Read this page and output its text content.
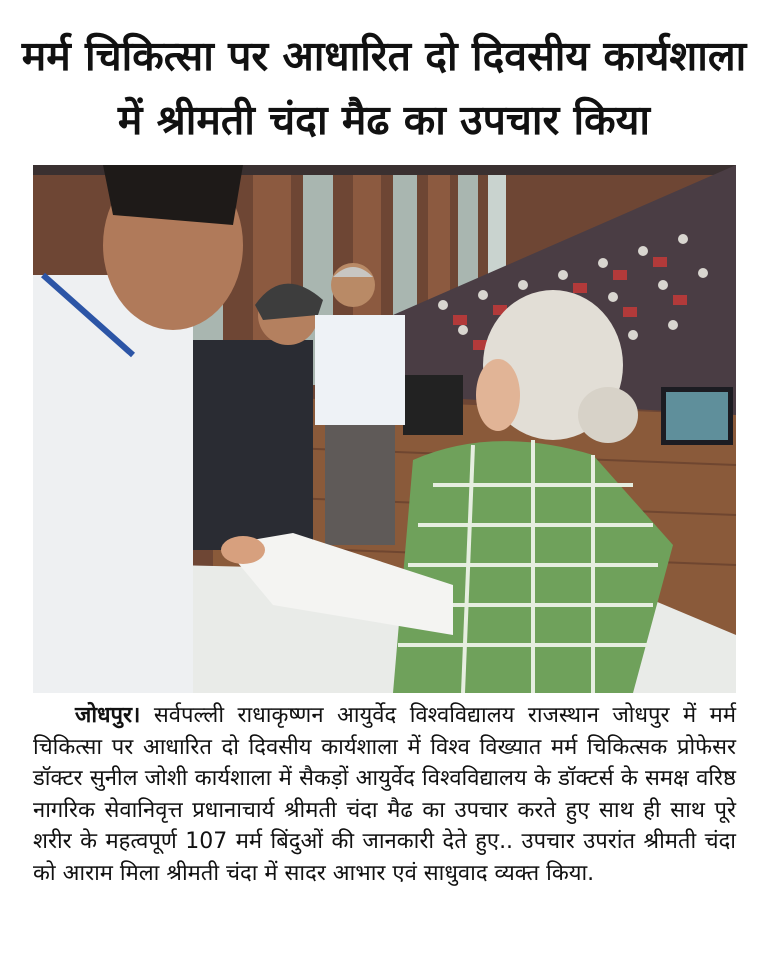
मर्म चिकित्सा पर आधारित दो दिवसीय कार्यशाला
में श्रीमती चंदा मैढ का उपचार किया

जोधपुर। सर्वपल्ली राधाकृष्णन आयुर्वेद विश्वविद्यालय राजस्थान जोधपुर में मर्म चिकित्सा पर आधारित दो दिवसीय कार्यशाला में विश्व विख्यात मर्म चिकित्सक प्रोफेसर डॉक्टर सुनील जोशी कार्यशाला में सैकड़ों आयुर्वेद विश्वविद्यालय के डॉक्टर्स के समक्ष वरिष्ठ नागरिक सेवानिवृत्त प्रधानाचार्य श्रीमती चंदा मैढ का उपचार करते हुए साथ ही साथ पूरे शरीर के महत्वपूर्ण 107 मर्म बिंदुओं की जानकारी देते हुए.. उपचार उपरांत श्रीमती चंदा को आराम मिला श्रीमती चंदा में सादर आभार एवं साधुवाद व्यक्त किया.
